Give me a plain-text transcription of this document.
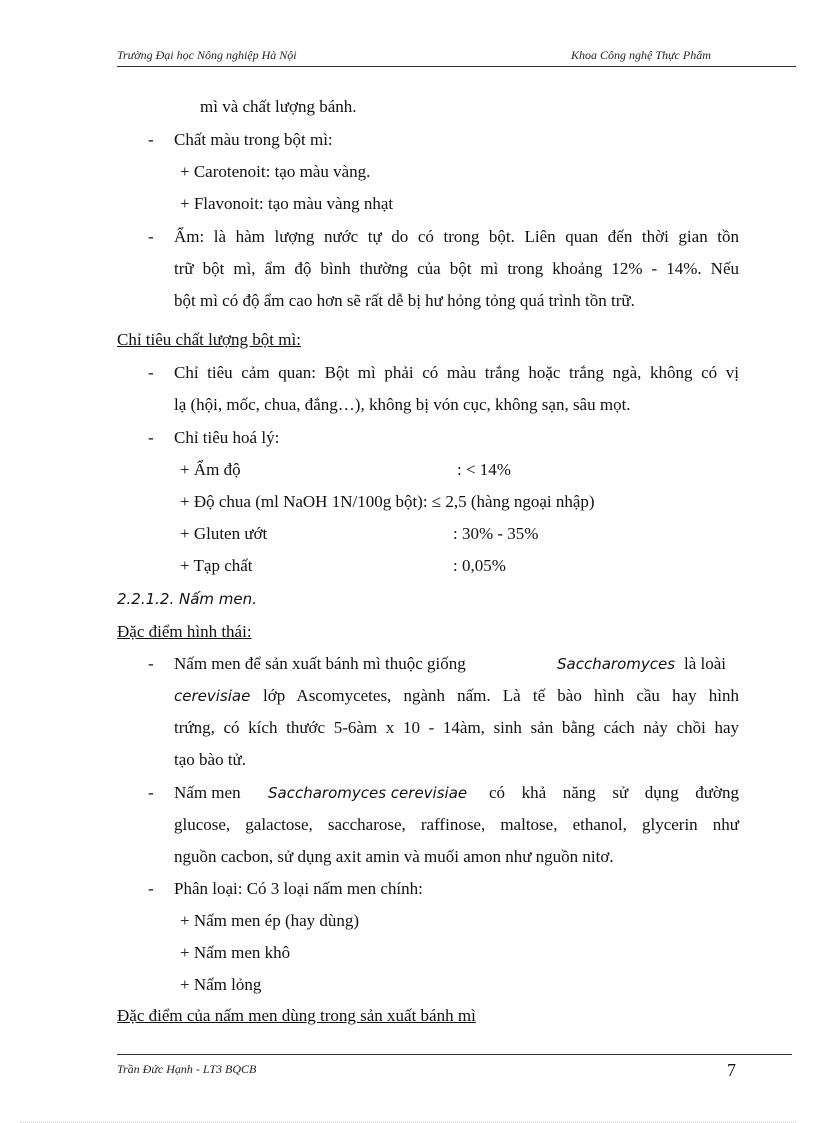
Trường Đại học Nông nghiệp Hà Nội	Khoa Công nghệ Thực Phẩm
mì và chất lượng bánh.
- Chất màu trong bột mì:
+ Carotenoit: tạo màu vàng.
+ Flavonoit: tạo màu vàng nhạt
- Ẩm: là hàm lượng nước tự do có trong bột. Liên quan đến thời gian tồn
trữ bột mì, ẩm độ bình thường của bột mì trong khoảng 12% - 14%. Nếu
bột mì có độ ẩm cao hơn sẽ rất dễ bị hư hỏng tỏng quá trình tồn trữ.
Chỉ tiêu chất lượng bột mì:
- Chỉ tiêu cảm quan: Bột mì phải có màu trắng hoặc trắng ngà, không có vị
lạ (hội, mốc, chua, đắng…), không bị vón cục, không sạn, sâu mọt.
- Chỉ tiêu hoá lý:
+ Ẩm độ	: < 14%
+ Độ chua (ml NaOH 1N/100g bột): ≤ 2,5 (hàng ngoại nhập)
+ Gluten ướt	: 30% - 35%
+ Tạp chất	: 0,05%
2.2.1.2. Nấm men.
Đặc điểm hình thái:
- Nấm men để sản xuất bánh mì thuộc giống	Saccharomyces là loài
cerevisiae lớp Ascomycetes, ngành nấm. Là tế bào hình cầu hay hình
trứng, có kích thước 5-6àm x 10 - 14àm, sinh sản bằng cách nảy chồi hay
tạo bào tử.
- Nấm men Saccharomyces cerevisiae có khả năng sử dụng đường
glucose, galactose, saccharose, raffinose, maltose, ethanol, glycerin như
nguồn cacbon, sử dụng axit amin và muối amon như nguồn nitơ.
- Phân loại: Có 3 loại nấm men chính:
+ Nấm men ép (hay dùng)
+ Nấm men khô
+ Nấm lỏng
Đặc điểm của nấm men dùng trong sản xuất bánh mì
Trần Đức Hạnh - LT3 BQCB	7
